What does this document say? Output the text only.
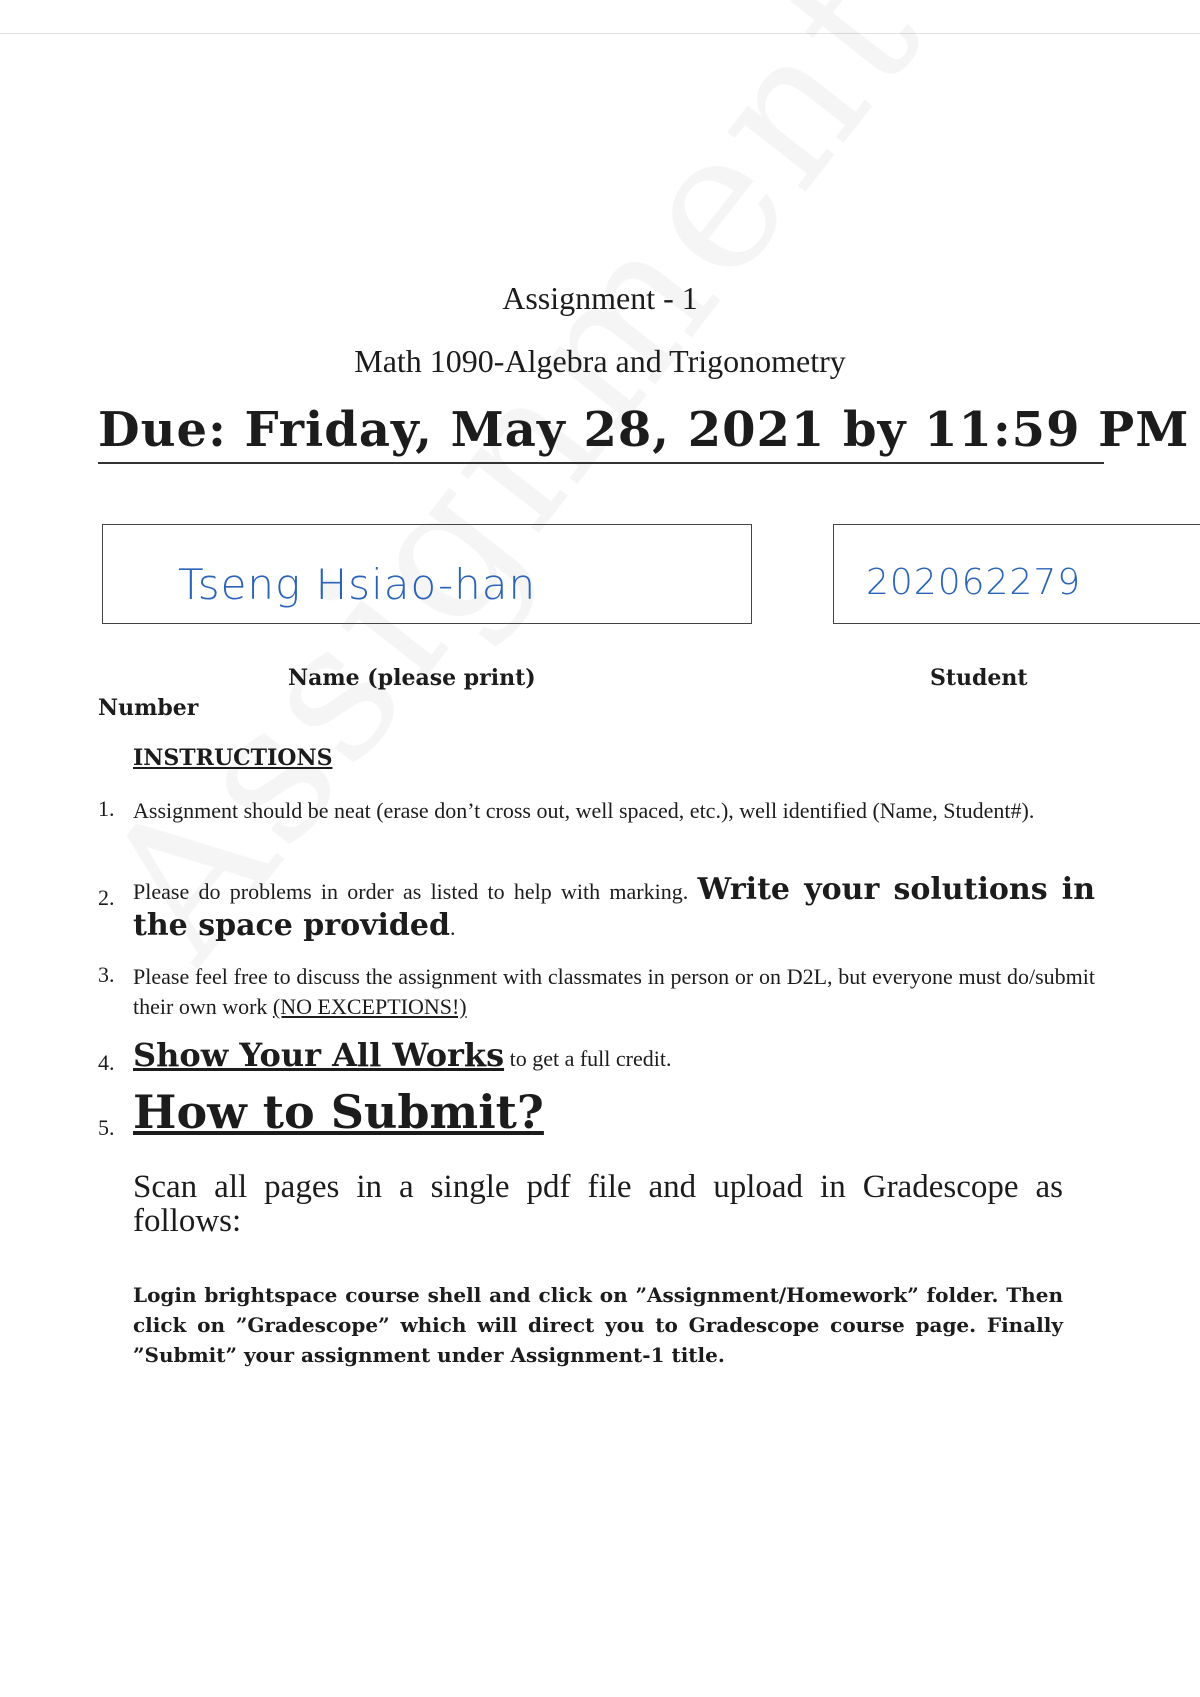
Assignment - 1
Math 1090-Algebra and Trigonometry
Due: Friday, May 28, 2021 by 11:59 PM
Tseng Hsiao-han	202062279
Name (please print)	Student
Number
INSTRUCTIONS
1. Assignment should be neat (erase don’t cross out, well spaced, etc.), well identified (Name, Student#).
2. Please do problems in order as listed to help with marking. Write your solutions in the space provided.
3. Please feel free to discuss the assignment with classmates in person or on D2L, but everyone must do/submit their own work (NO EXCEPTIONS!)
4. Show Your All Works to get a full credit.
5. How to Submit?
Scan all pages in a single pdf file and upload in Gradescope as follows:
Login brightspace course shell and click on ”Assignment/Homework” folder. Then click on ”Gradescope” which will direct you to Gradescope course page. Finally ”Submit” your assignment under Assignment-1 title.
